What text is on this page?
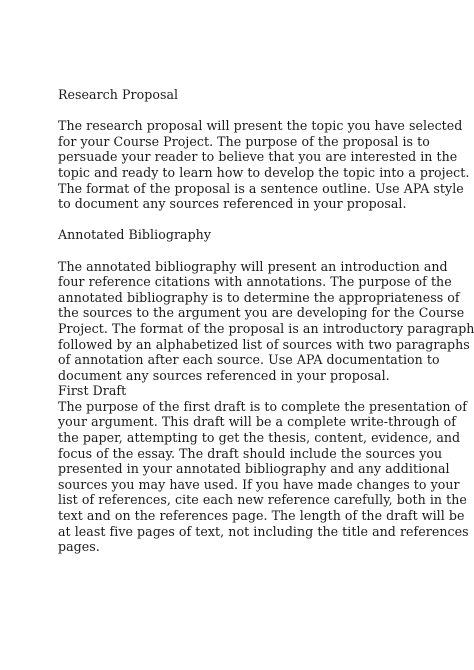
Research Proposal
The research proposal will present the topic you have selected
for your Course Project. The purpose of the proposal is to
persuade your reader to believe that you are interested in the
topic and ready to learn how to develop the topic into a project.
The format of the proposal is a sentence outline. Use APA style
to document any sources referenced in your proposal.
Annotated Bibliography
The annotated bibliography will present an introduction and
four reference citations with annotations. The purpose of the
annotated bibliography is to determine the appropriateness of
the sources to the argument you are developing for the Course
Project. The format of the proposal is an introductory paragraph
followed by an alphabetized list of sources with two paragraphs
of annotation after each source. Use APA documentation to
document any sources referenced in your proposal.
First Draft
The purpose of the first draft is to complete the presentation of
your argument. This draft will be a complete write-through of
the paper, attempting to get the thesis, content, evidence, and
focus of the essay. The draft should include the sources you
presented in your annotated bibliography and any additional
sources you may have used. If you have made changes to your
list of references, cite each new reference carefully, both in the
text and on the references page. The length of the draft will be
at least five pages of text, not including the title and references
pages.
